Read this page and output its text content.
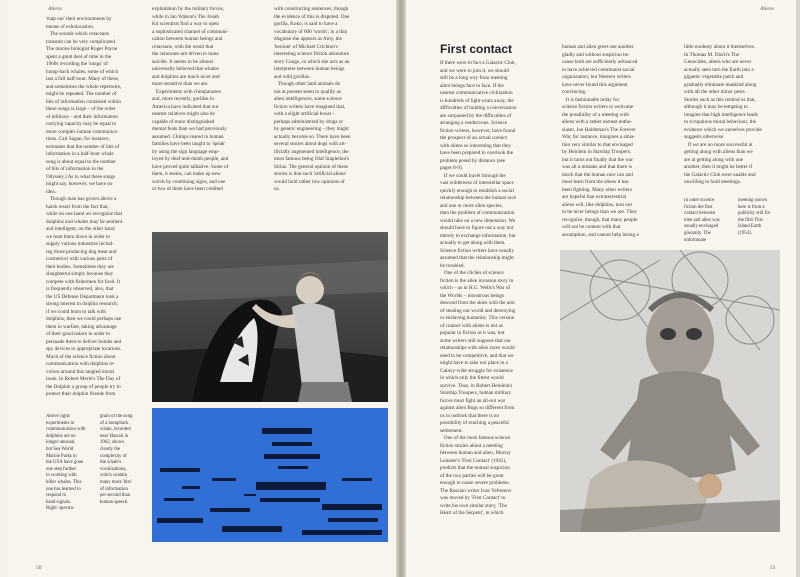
Aliens
'map out' their environments by
means of echolocation.
The sounds which cetaceans
transmit can be very complicated.
The marine biologist Roger Payne
spent a great deal of time in the
1960s recording the 'songs' of
hump-back whales, some of which
last a full half-hour. Many of these,
and sometimes the whole repertoire,
might be repeated. The number of
bits of information contained within
these songs is large – of the order
of millions – and their information
carrying capacity may be equal to
more complex human communica-
tions. Carl Sagan, for instance,
estimates that the number of bits of
information in a half-hour whale
song is about equal to the number
of bits of information in the
Odyssey.) As to what these songs
might say, however, we have no
idea.
Though man has grown above a
harsh resort from the fact that,
while on one hand we recognize that
dolphins and whales may be sentient
and intelligent, on the other hand
we hunt them down in order to
supply various industries includ-
ing those producing dog meat and
cosmetics) with various parts of
their bodies. Sometimes they are
slaughtered simply because they
compete with fishermen for food. It
is frequently observed, also, that
the US Defense Department took a
strong interest in dolphin research;
if we could learn to talk with
dolphins, then we could perhaps use
them in warfare, taking advantage
of their good nature in order to
persuade them to deliver bombs and
spy devices to appropriate locations.
Much of the science fiction about
communication with dolphins re-
volves around this tangled moral
issue. In Robert Merle's The Day of
the Dolphin a group of people try to
protect their dolphin friends from
exploitation by the military forces,
while in Ian Watson's The Jonah
Kit scientists find a way to open
a sophisticated channel of communi-
cation between human beings and
cetaceans, with the result that
the cetaceans are driven to mass
suicide. It seems to be almost
universally believed that whales
and dolphins are much nicer and
more sensitive than we are.
Experiments with chimpanzees
and, more recently, gorillas in
America have indicated that our
nearest relatives might also be
capable of more distinguished
mental feats than we had previously
assumed. Chimps reared in human
families have been taught to 'speak'
by using the sign language emp-
loyed by deaf-and-dumb people, and
have proved quite talkative. Some of
them, it seems, can make up new
words by combining signs, and one
or two of them have been credited
with constructing sentences, though
the evidence of this is disputed. One
gorilla, Koko, is said to have a
vocabulary of 600 'words'; in a thin
disguise she appears as Amy, the
'heroine' of Michael Crichton's
interesting science fiction adventure
story Congo, in which she acts as an
interpreter between human beings
and wild gorillas.
Though other land animals do
not at present seem to qualify as
alien intelligences, some science
fiction writers have imagined that,
with a slight artificial boost –
perhaps administered by drugs or
by genetic engineering – they might
actually become so. There have been
several stories about dogs with art-
ificially augmented intelligence, the
most famous being Olaf Stapledon's
Sirius. The general opinion of these
stories is that such 'artificial aliens'
would hold rather low opinions of
us.
Above right:
experiments in
communication with
dolphins are no
longer unusual,
but Sea World
Marine Parks in
the USA have gone
one step further
in working with
killer whales. This
one has learned to
respond to
hand signals.
Right: spectro-
gram of the song
of a humpback
whale, recorded
near Hawaii in
1962, shows
clearly the
complexity of
the whale's
vocalizations,
which contain
many more 'bits'
of information
per second than
human speech.
50
Aliens
First contact
If there were in fact a Galactic Club,
and we were to join it, we should
still be a long way from meeting
alien beings face to face. If the
nearest communicative civilization
is hundreds of light-years away, the
difficulties of holding a conversation
are surpassed by the difficulties of
arranging a rendezvous. Science
fiction writers, however, have found
the prospect of an actual contact
with aliens so interesting that they
have been prepared to overlook the
problem posed by distance (see
pages 8-9).
If we could travel through the
vast wilderness of interstellar space
quickly enough to establish a social
relationship between the human race
and one or more alien species,
then the problem of communication
would take on a new dimension. We
should have to figure out a way not
merely to exchange information, but
actually to get along with them.
Science fiction writers have usually
assumed that the relationship might
be troubled.
One of the clichés of science
fiction is the alien invasion story in
which – as in H.G. Wells's War of
the Worlds – monstrous beings
descend from the skies with the aim
of stealing our world and destroying
or enslaving humanity. This version
of contact with aliens is not as
popular in fiction as it was, but
some writers still suppose that our
relationships with alien races would
need to be competitive, and that we
might have to take our place in a
Galaxy-wide struggle for existence
in which only the fittest would
survive. Thus, in Robert Heinlein's
Starship Troopers, human military
forces must fight an all-out war
against alien Bugs so different from
us in outlook that there is no
possibility of reaching a peaceful
settlement.
One of the most famous science
fiction stories about a meeting
between human and alien, Murray
Leinster's 'First Contact' (1945),
predicts that the mutual suspicion
of the two parties will be great
enough to cause severe problems.
The Russian writer Ivan Yefremov
was moved by 'First Contact' to
write his own similar story, 'The
Heart of the Serpent', in which
human and alien greet one another
gladly and without suspicion be-
cause both are sufficiently advanced
to have achieved communist social
organization; but Western writers
have never found this argument
convincing.
It is fashionable today for
science fiction writers to welcome
the possibility of a meeting with
aliens with a rather earnest enthu-
siasm. Joe Haldeman's The Forever
War, for instance, imagines a situa-
tion very similar to that envisaged
by Heinlein in Starship Troopers,
but it turns out finally that the war
was all a mistake and that there is
much that the human race can and
must learn from the aliens it has
been fighting. Many other writers
are hopeful that extraterrestrial
aliens will, like dolphins, turn out
to be nicer beings than we are. They
recognize, though, that many people
will not be content with that
assumption, and cannot help losing a
little modesty about it themselves.
In Thomas M. Disch's The
Genocides, aliens who are never
actually seen turn the Earth into a
gigantic vegetable patch and
gradually eliminate mankind along
with all the other minor pests.
Stories such as this remind us that,
although it may be tempting to
imagine that high intelligence leads
to scrupulous moral behaviour, the
evidence which we ourselves provide
suggests otherwise.
If we are no more successful at
getting along with aliens than we
are at getting along with one
another, then it might be better if
the Galactic Club were unable and
unwilling to hold meetings.
In older science
fiction the first
contact between
men and alien was
usually envisaged
gloomily. The
unfortunate
meeting shown
here is from a
publicity still for
the film This
Island Earth
(1954).
51
